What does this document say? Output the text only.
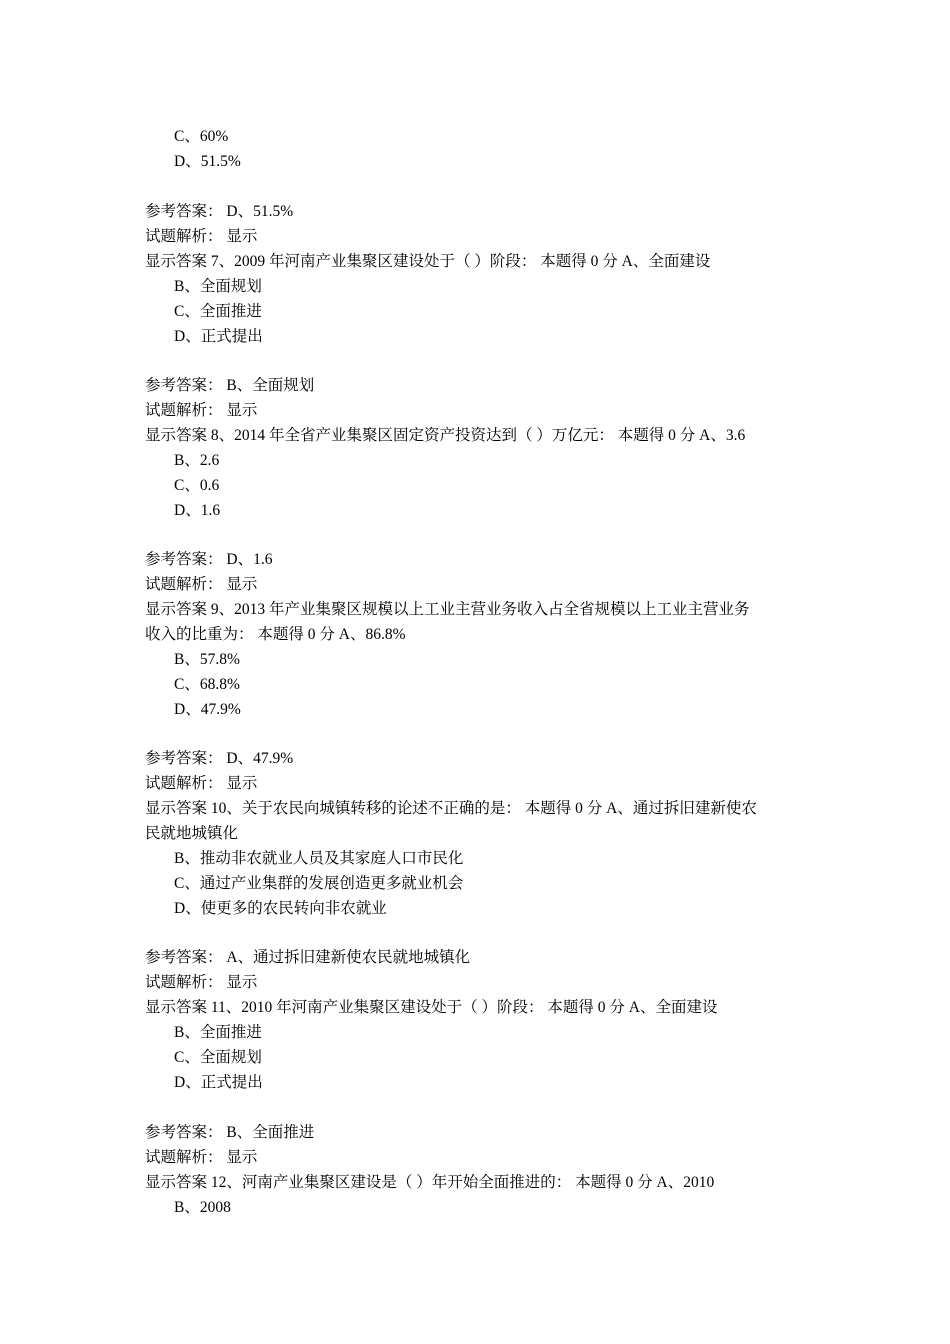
C、60%
D、51.5%
参考答案： D、51.5%
试题解析： 显示
显示答案 7、2009 年河南产业集聚区建设处于（ ）阶段： 本题得 0 分 A、全面建设
B、全面规划
C、全面推进
D、正式提出
参考答案： B、全面规划
试题解析： 显示
显示答案 8、2014 年全省产业集聚区固定资产投资达到（ ）万亿元： 本题得 0 分 A、3.6
B、2.6
C、0.6
D、1.6
参考答案： D、1.6
试题解析： 显示
显示答案 9、2013 年产业集聚区规模以上工业主营业务收入占全省规模以上工业主营业务
收入的比重为： 本题得 0 分 A、86.8%
B、57.8%
C、68.8%
D、47.9%
参考答案： D、47.9%
试题解析： 显示
显示答案 10、关于农民向城镇转移的论述不正确的是： 本题得 0 分 A、通过拆旧建新使农
民就地城镇化
B、推动非农就业人员及其家庭人口市民化
C、通过产业集群的发展创造更多就业机会
D、使更多的农民转向非农就业
参考答案： A、通过拆旧建新使农民就地城镇化
试题解析： 显示
显示答案 11、2010 年河南产业集聚区建设处于（ ）阶段： 本题得 0 分 A、全面建设
B、全面推进
C、全面规划
D、正式提出
参考答案： B、全面推进
试题解析： 显示
显示答案 12、河南产业集聚区建设是（ ）年开始全面推进的： 本题得 0 分 A、2010
B、2008
